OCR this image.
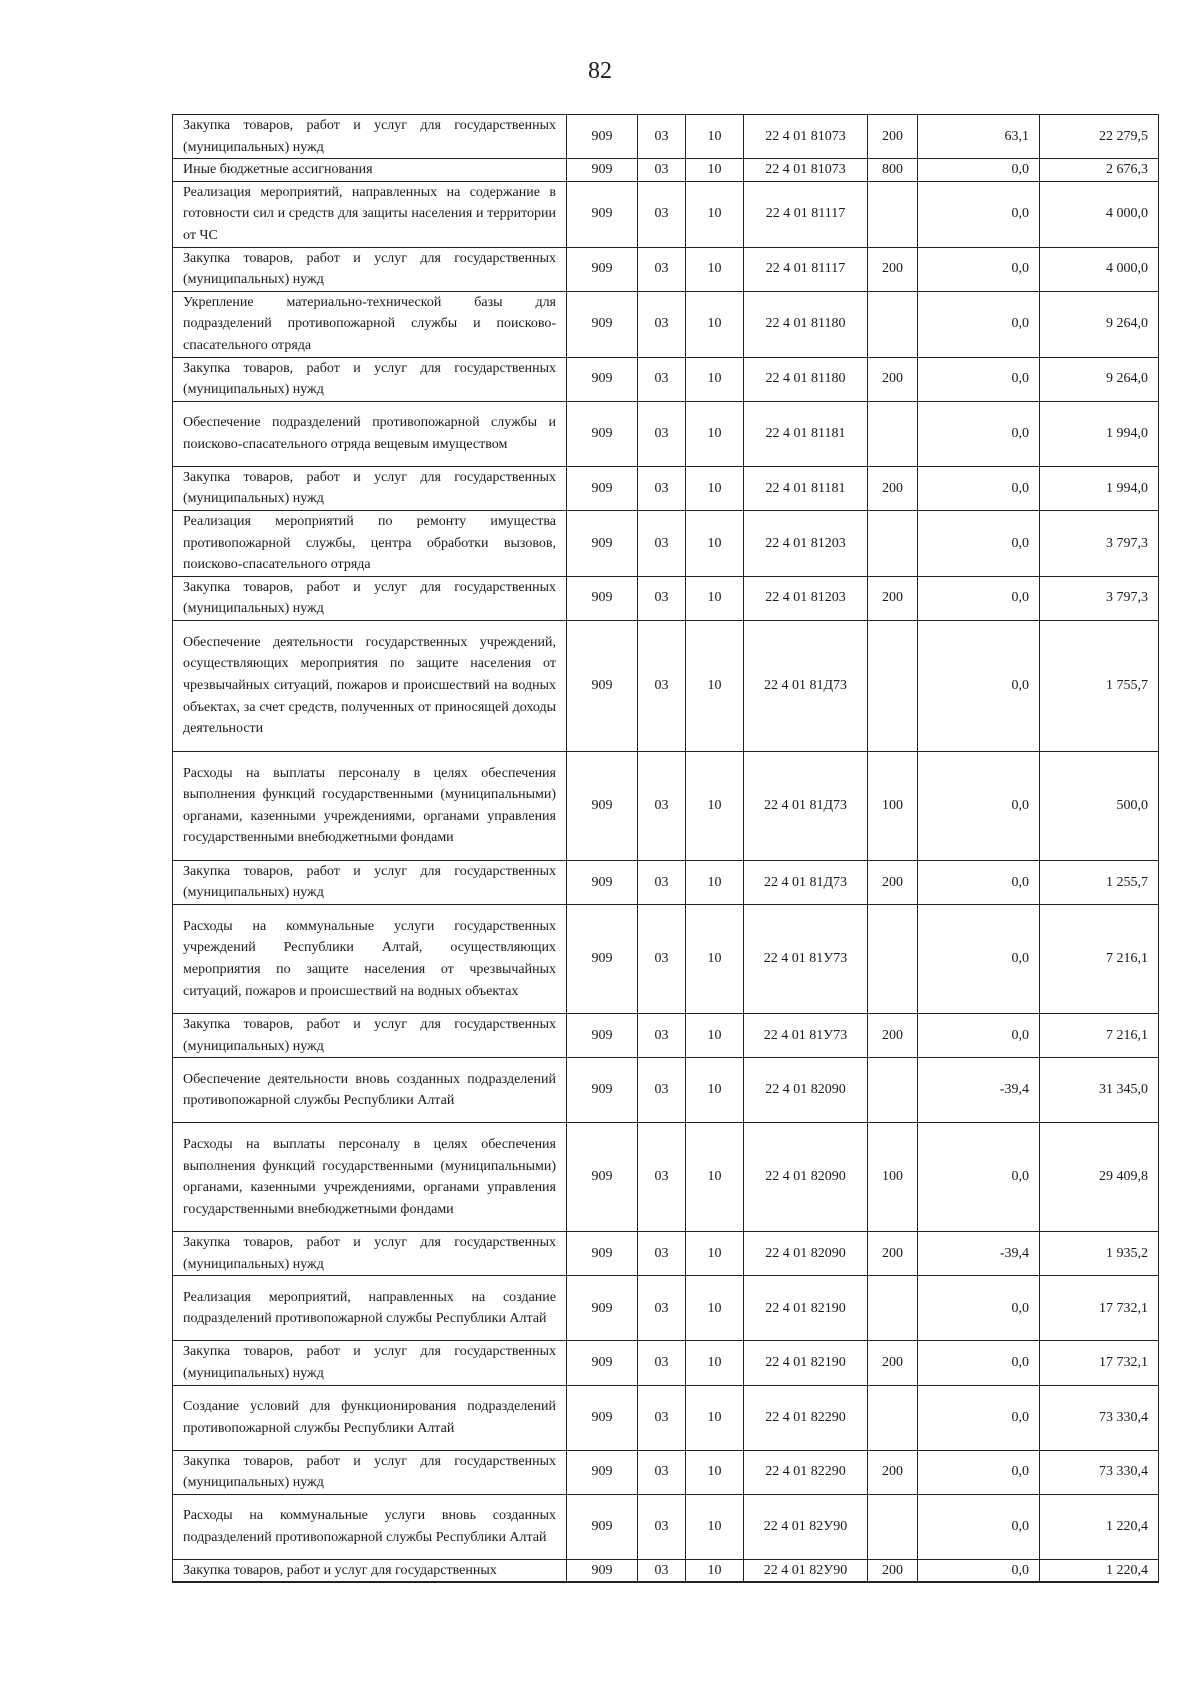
82
Закупка товаров, работ и услуг для государственных (муниципальных) нужд	909	03	10	22 4 01 81073	200	63,1	22 279,5
Иные бюджетные ассигнования	909	03	10	22 4 01 81073	800	0,0	2 676,3
Реализация мероприятий, направленных на содержание в готовности сил и средств для защиты населения и территории от ЧС	909	03	10	22 4 01 81117		0,0	4 000,0
Закупка товаров, работ и услуг для государственных (муниципальных) нужд	909	03	10	22 4 01 81117	200	0,0	4 000,0
Укрепление материально-технической базы для подразделений противопожарной службы и поисково-спасательного отряда	909	03	10	22 4 01 81180		0,0	9 264,0
Закупка товаров, работ и услуг для государственных (муниципальных) нужд	909	03	10	22 4 01 81180	200	0,0	9 264,0
Обеспечение подразделений противопожарной службы и поисково-спасательного отряда вещевым имуществом	909	03	10	22 4 01 81181		0,0	1 994,0
Закупка товаров, работ и услуг для государственных (муниципальных) нужд	909	03	10	22 4 01 81181	200	0,0	1 994,0
Реализация мероприятий по ремонту имущества противопожарной службы, центра обработки вызовов, поисково-спасательного отряда	909	03	10	22 4 01 81203		0,0	3 797,3
Закупка товаров, работ и услуг для государственных (муниципальных) нужд	909	03	10	22 4 01 81203	200	0,0	3 797,3
Обеспечение деятельности государственных учреждений, осуществляющих мероприятия по защите населения от чрезвычайных ситуаций, пожаров и происшествий на водных объектах, за счет средств, полученных от приносящей доходы деятельности	909	03	10	22 4 01 81Д73		0,0	1 755,7
Расходы на выплаты персоналу в целях обеспечения выполнения функций государственными (муниципальными) органами, казенными учреждениями, органами управления государственными внебюджетными фондами	909	03	10	22 4 01 81Д73	100	0,0	500,0
Закупка товаров, работ и услуг для государственных (муниципальных) нужд	909	03	10	22 4 01 81Д73	200	0,0	1 255,7
Расходы на коммунальные услуги государственных учреждений Республики Алтай, осуществляющих мероприятия по защите населения от чрезвычайных ситуаций, пожаров и происшествий на водных объектах	909	03	10	22 4 01 81У73		0,0	7 216,1
Закупка товаров, работ и услуг для государственных (муниципальных) нужд	909	03	10	22 4 01 81У73	200	0,0	7 216,1
Обеспечение деятельности вновь созданных подразделений противопожарной службы Республики Алтай	909	03	10	22 4 01 82090		-39,4	31 345,0
Расходы на выплаты персоналу в целях обеспечения выполнения функций государственными (муниципальными) органами, казенными учреждениями, органами управления государственными внебюджетными фондами	909	03	10	22 4 01 82090	100	0,0	29 409,8
Закупка товаров, работ и услуг для государственных (муниципальных) нужд	909	03	10	22 4 01 82090	200	-39,4	1 935,2
Реализация мероприятий, направленных на создание подразделений противопожарной службы Республики Алтай	909	03	10	22 4 01 82190		0,0	17 732,1
Закупка товаров, работ и услуг для государственных (муниципальных) нужд	909	03	10	22 4 01 82190	200	0,0	17 732,1
Создание условий для функционирования подразделений противопожарной службы Республики Алтай	909	03	10	22 4 01 82290		0,0	73 330,4
Закупка товаров, работ и услуг для государственных (муниципальных) нужд	909	03	10	22 4 01 82290	200	0,0	73 330,4
Расходы на коммунальные услуги вновь созданных подразделений противопожарной службы Республики Алтай	909	03	10	22 4 01 82У90		0,0	1 220,4
Закупка товаров, работ и услуг для государственных	909	03	10	22 4 01 82У90	200	0,0	1 220,4
